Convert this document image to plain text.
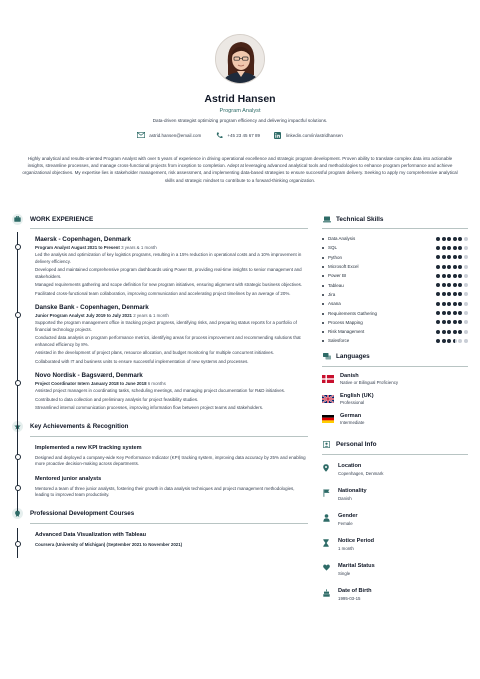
Astrid Hansen
Program Analyst
Data-driven strategist optimizing program efficiency and delivering impactful solutions.
astrid.hansen@email.com	+45 23 45 67 89	linkedin.com/in/astridhansen
Highly analytical and results-oriented Program Analyst with over 5 years of experience in driving operational excellence and strategic program development. Proven ability to translate complex data into actionable insights, streamline processes, and manage cross-functional projects from inception to completion. Adept at leveraging advanced analytical tools and methodologies to enhance program performance and achieve organizational objectives. My expertise lies in stakeholder management, risk assessment, and implementing data-based strategies to ensure successful program delivery. Seeking to apply my comprehensive analytical skills and strategic mindset to contribute to a forward-thinking organization.
WORK EXPERIENCE
Maersk - Copenhagen, Denmark
Program Analyst August 2021 to Present 3 years & 1 month
Led the analysis and optimization of key logistics programs, resulting in a 15% reduction in operational costs and a 10% improvement in delivery efficiency.
Developed and maintained comprehensive program dashboards using Power BI, providing real-time insights to senior management and stakeholders.
Managed requirements gathering and scope definition for new program initiatives, ensuring alignment with strategic business objectives.
Facilitated cross-functional team collaboration, improving communication and accelerating project timelines by an average of 20%.
Danske Bank - Copenhagen, Denmark
Junior Program Analyst July 2019 to July 2021 2 years & 1 month
Supported the program management office in tracking project progress, identifying risks, and preparing status reports for a portfolio of financial technology projects.
Conducted data analysis on program performance metrics, identifying areas for process improvement and recommending solutions that enhanced efficiency by 8%.
Assisted in the development of project plans, resource allocation, and budget monitoring for multiple concurrent initiatives.
Collaborated with IT and business units to ensure successful implementation of new systems and processes.
Novo Nordisk - Bagsværd, Denmark
Project Coordinator Intern January 2018 to June 2018 6 months
Assisted project managers in coordinating tasks, scheduling meetings, and managing project documentation for R&D initiatives.
Contributed to data collection and preliminary analysis for project feasibility studies.
Streamlined internal communication processes, improving information flow between project teams and stakeholders.
Key Achievements & Recognition
Implemented a new KPI tracking system
Designed and deployed a company-wide Key Performance Indicator (KPI) tracking system, improving data accuracy by 25% and enabling more proactive decision-making across departments.
Mentored junior analysts
Mentored a team of three junior analysts, fostering their growth in data analysis techniques and project management methodologies, leading to improved team productivity.
Professional Development Courses
Advanced Data Visualization with Tableau
Coursera (University of Michigan) (September 2021 to November 2021)
Technical Skills
Data Analysis
SQL
Python
Microsoft Excel
Power BI
Tableau
Jira
Asana
Requirements Gathering
Process Mapping
Risk Management
Salesforce
Languages
Danish
Native or Bilingual Proficiency
English (UK)
Professional
German
Intermediate
Personal Info
Location
Copenhagen, Denmark
Nationality
Danish
Gender
Female
Notice Period
1 month
Marital Status
Single
Date of Birth
1995-03-15
